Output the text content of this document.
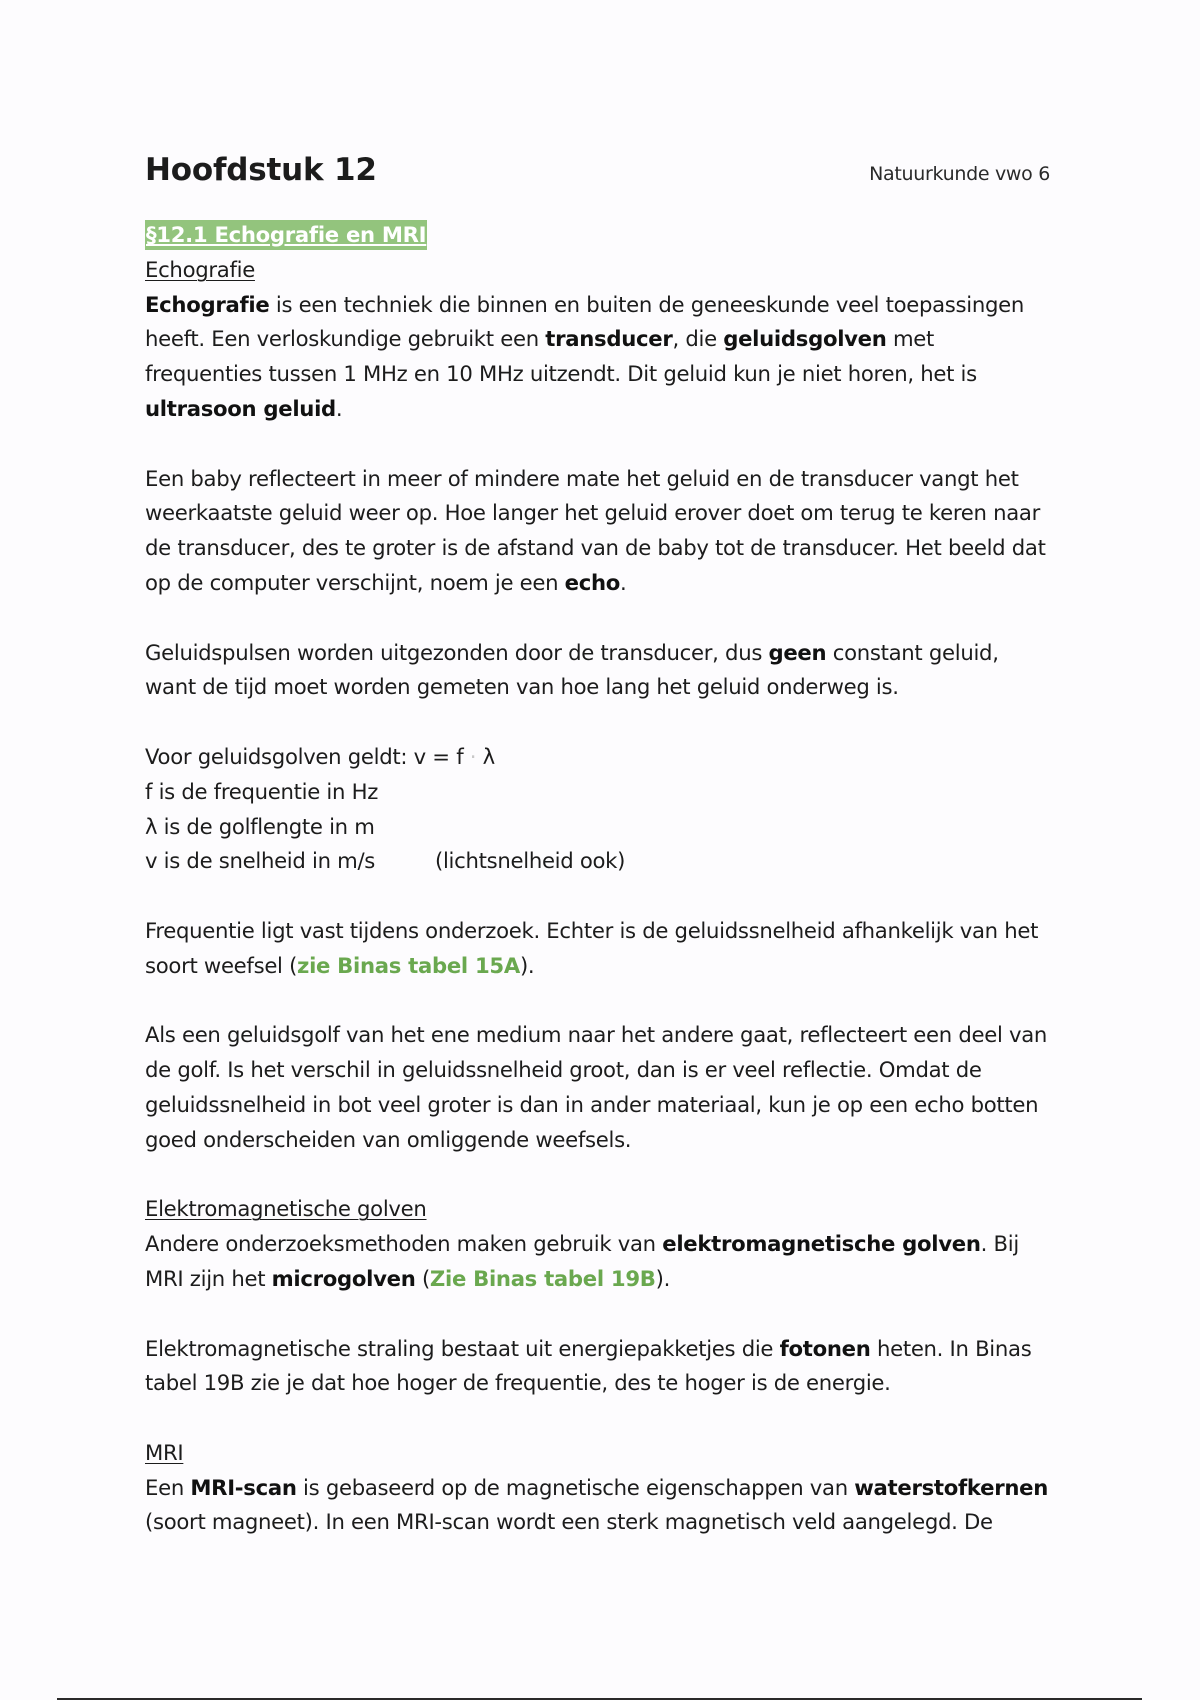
Hoofdstuk 12	Natuurkunde vwo 6
§12.1 Echografie en MRI

Echografie

Echografie is een techniek die binnen en buiten de geneeskunde veel toepassingen heeft. Een verloskundige gebruikt een transducer, die geluidsgolven met frequenties tussen 1 MHz en 10 MHz uitzendt. Dit geluid kun je niet horen, het is ultrasoon geluid.

Een baby reflecteert in meer of mindere mate het geluid en de transducer vangt het weerkaatste geluid weer op. Hoe langer het geluid erover doet om terug te keren naar de transducer, des te groter is de afstand van de baby tot de transducer. Het beeld dat op de computer verschijnt, noem je een echo.

Geluidspulsen worden uitgezonden door de transducer, dus geen constant geluid, want de tijd moet worden gemeten van hoe lang het geluid onderweg is.

Voor geluidsgolven geldt: v = f · λ

f is de frequentie in Hz

λ is de golflengte in m

v is de snelheid in m/s	(lichtsnelheid ook)

Frequentie ligt vast tijdens onderzoek. Echter is de geluidssnelheid afhankelijk van het soort weefsel (zie Binas tabel 15A).

Als een geluidsgolf van het ene medium naar het andere gaat, reflecteert een deel van de golf. Is het verschil in geluidssnelheid groot, dan is er veel reflectie. Omdat de geluidssnelheid in bot veel groter is dan in ander materiaal, kun je op een echo botten goed onderscheiden van omliggende weefsels.

Elektromagnetische golven

Andere onderzoeksmethoden maken gebruik van elektromagnetische golven. Bij MRI zijn het microgolven (Zie Binas tabel 19B).

Elektromagnetische straling bestaat uit energiepakketjes die fotonen heten. In Binas tabel 19B zie je dat hoe hoger de frequentie, des te hoger is de energie.

MRI

Een MRI-scan is gebaseerd op de magnetische eigenschappen van waterstofkernen (soort magneet). In een MRI-scan wordt een sterk magnetisch veld aangelegd. De
